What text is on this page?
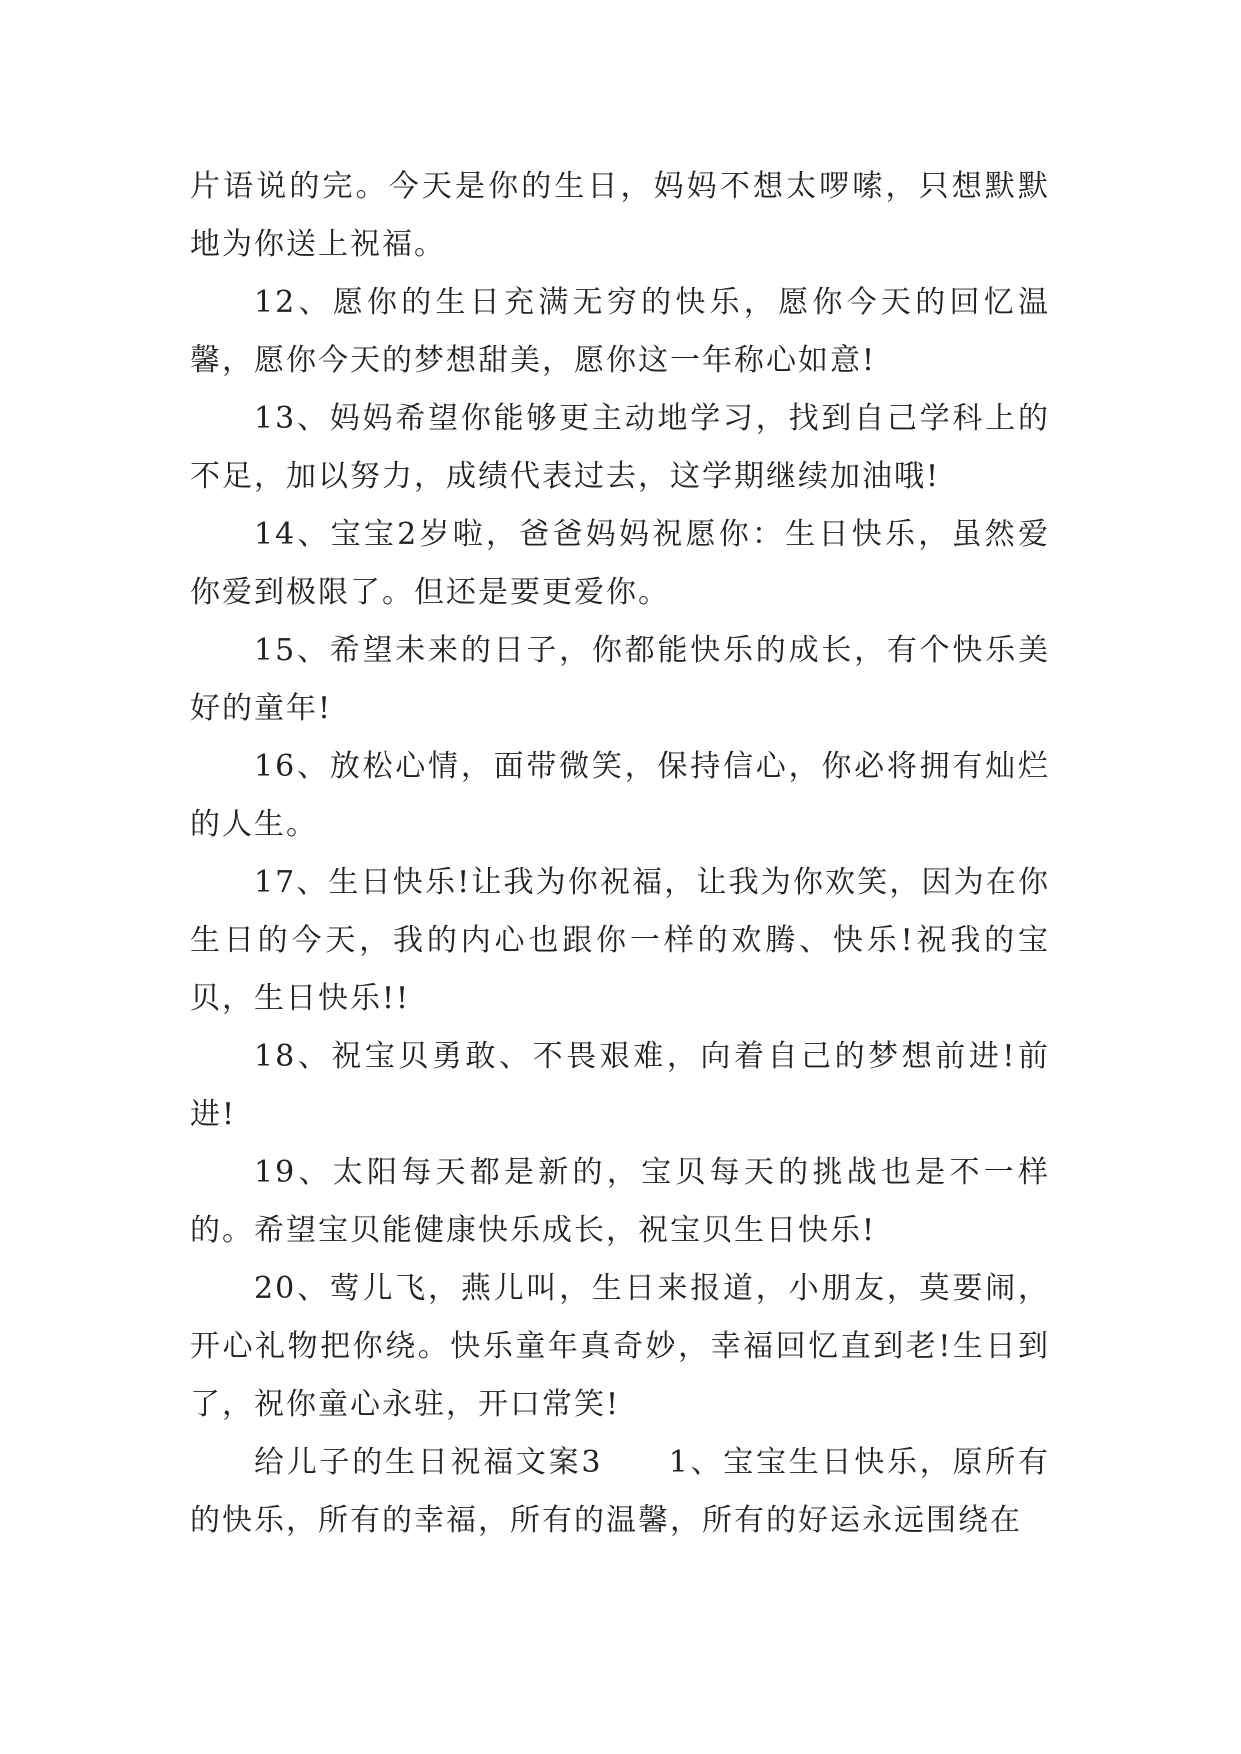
片语说的完。今天是你的生日，妈妈不想太啰嗦，只想默默地为你送上祝福。

12、愿你的生日充满无穷的快乐，愿你今天的回忆温馨，愿你今天的梦想甜美，愿你这一年称心如意!

13、妈妈希望你能够更主动地学习，找到自己学科上的不足，加以努力，成绩代表过去，这学期继续加油哦!

14、宝宝2岁啦，爸爸妈妈祝愿你：生日快乐，虽然爱你爱到极限了。但还是要更爱你。

15、希望未来的日子，你都能快乐的成长，有个快乐美好的童年!

16、放松心情，面带微笑，保持信心，你必将拥有灿烂的人生。

17、生日快乐!让我为你祝福，让我为你欢笑，因为在你生日的今天，我的内心也跟你一样的欢腾、快乐!祝我的宝贝，生日快乐!!

18、祝宝贝勇敢、不畏艰难，向着自己的梦想前进!前进!

19、太阳每天都是新的，宝贝每天的挑战也是不一样的。希望宝贝能健康快乐成长，祝宝贝生日快乐!

20、莺儿飞，燕儿叫，生日来报道，小朋友，莫要闹，开心礼物把你绕。快乐童年真奇妙，幸福回忆直到老!生日到了，祝你童心永驻，开口常笑!

给儿子的生日祝福文案3　　1、宝宝生日快乐，原所有的快乐，所有的幸福，所有的温馨，所有的好运永远围绕在
